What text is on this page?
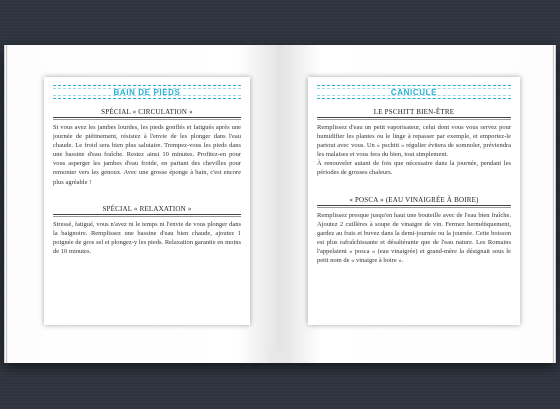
BAIN DE PIEDS
SPÉCIAL « CIRCULATION »

Si vous avez les jambes lourdes, les pieds gonflés et fatigués après une journée de piétinement, résistez à l'envie de les plonger dans l'eau chaude. Le froid sera bien plus salutaire. Trempez-vous les pieds dans une bassine d'eau fraîche. Restez ainsi 10 minutes. Profitez-en pour vous asperger les jambes d'eau froide, en partant des chevilles pour remonter vers les genoux. Avec une grosse éponge à bain, c'est encore plus agréable !

SPÉCIAL « RELAXATION »

Stressé, fatigué, vous n'avez ni le temps ni l'envie de vous plonger dans la baignoire. Remplissez une bassine d'eau bien chaude, ajoutez 1 poignée de gros sel et plongez-y les pieds. Relaxation garantie en moins de 10 minutes.

CANICULE
LE PSCHITT BIEN-ÊTRE

Remplissez d'eau un petit vaporisateur, celui dont vous vous servez pour humidifier les plantes ou le linge à repasser par exemple, et emportez-le partout avec vous. Un « pschitt » régulier évitera de somnoler, préviendra les malaises et vous fera du bien, tout simplement.

À renouveler autant de fois que nécessaire dans la journée, pendant les périodes de grosses chaleurs.

« POSCA » (EAU VINAIGRÉE À BOIRE)

Remplissez presque jusqu'en haut une bouteille avec de l'eau bien fraîche. Ajoutez 2 cuillères à soupe de vinaigre de vin. Fermez hermétiquement, gardez au frais et buvez dans la demi-journée ou la journée. Cette boisson est plus rafraîchissante et désaltérante que de l'eau nature. Les Romains l'appelaient « posca » (eau vinaigrée) et grand-mère la désignait sous le petit nom de « vinaigre à boire ».
